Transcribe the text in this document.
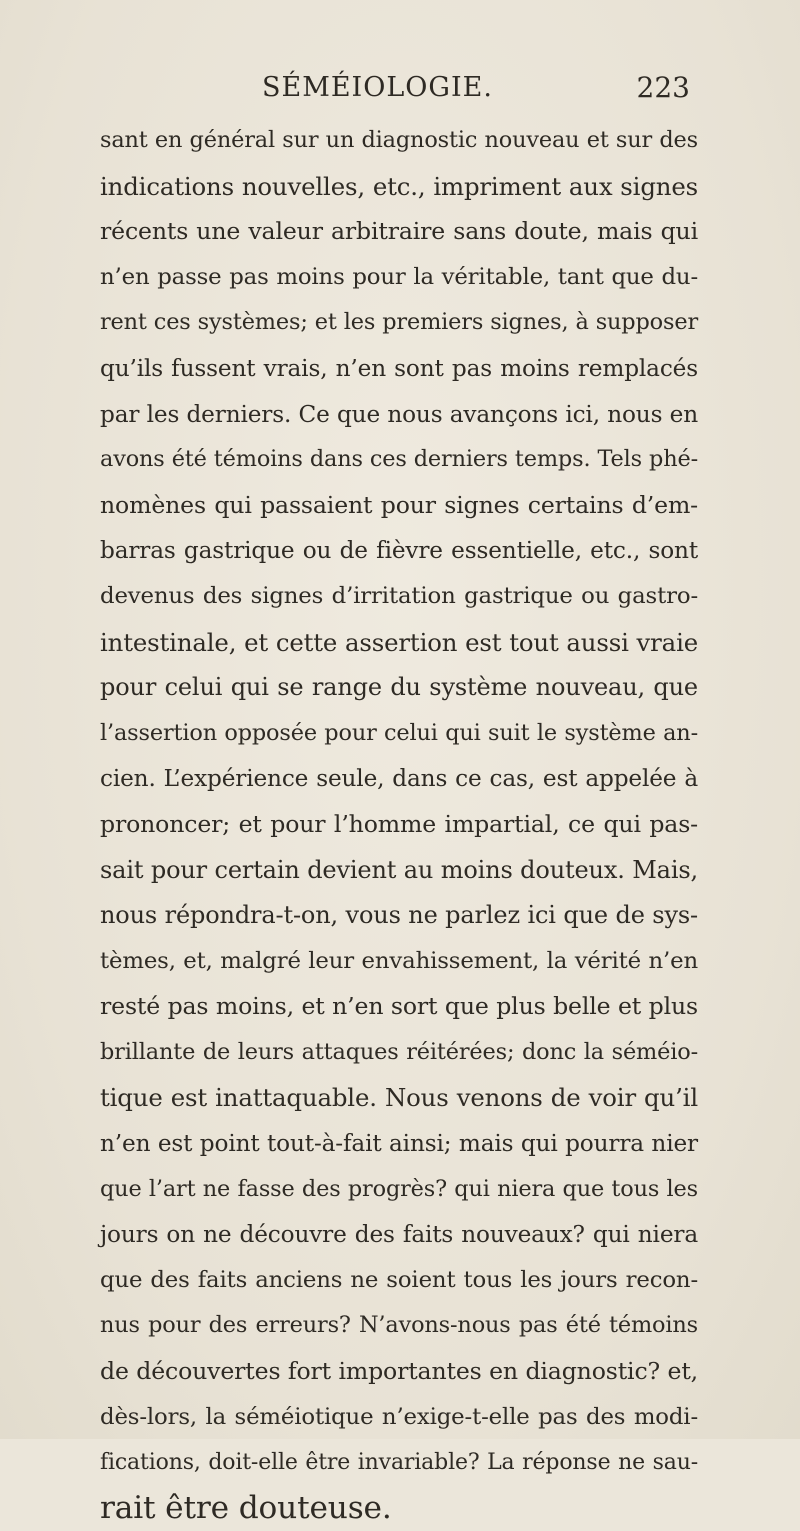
SÉMÉIOLOGIE.	223
sant en général sur un diagnostic nouveau et sur des
indications nouvelles, etc., impriment aux signes
récents une valeur arbitraire sans doute, mais qui
n’en passe pas moins pour la véritable, tant que du-
rent ces systèmes; et les premiers signes, à supposer
qu’ils fussent vrais, n’en sont pas moins remplacés
par les derniers. Ce que nous avançons ici, nous en
avons été témoins dans ces derniers temps. Tels phé-
nomènes qui passaient pour signes certains d’em-
barras gastrique ou de fièvre essentielle, etc., sont
devenus des signes d’irritation gastrique ou gastro-
intestinale, et cette assertion est tout aussi vraie
pour celui qui se range du système nouveau, que
l’assertion opposée pour celui qui suit le système an-
cien. L’expérience seule, dans ce cas, est appelée à
prononcer; et pour l’homme impartial, ce qui pas-
sait pour certain devient au moins douteux. Mais,
nous répondra-t-on, vous ne parlez ici que de sys-
tèmes, et, malgré leur envahissement, la vérité n’en
resté pas moins, et n’en sort que plus belle et plus
brillante de leurs attaques réitérées; donc la séméio-
tique est inattaquable. Nous venons de voir qu’il
n’en est point tout-à-fait ainsi; mais qui pourra nier
que l’art ne fasse des progrès? qui niera que tous les
jours on ne découvre des faits nouveaux? qui niera
que des faits anciens ne soient tous les jours recon-
nus pour des erreurs? N’avons-nous pas été témoins
de découvertes fort importantes en diagnostic? et,
dès-lors, la séméiotique n’exige-t-elle pas des modi-
fications, doit-elle être invariable? La réponse ne sau-
rait être douteuse.
